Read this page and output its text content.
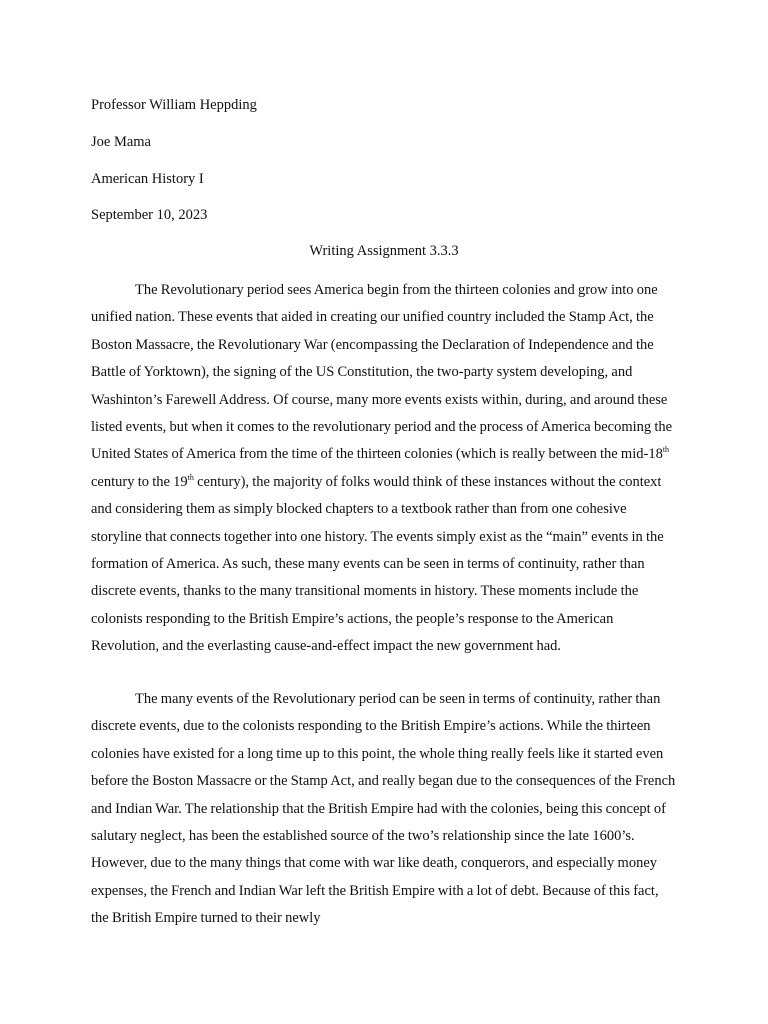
Professor William Heppding
Joe Mama
American History I
September 10, 2023
Writing Assignment 3.3.3

The Revolutionary period sees America begin from the thirteen colonies and grow into one unified nation. These events that aided in creating our unified country included the Stamp Act, the Boston Massacre, the Revolutionary War (encompassing the Declaration of Independence and the Battle of Yorktown), the signing of the US Constitution, the two-party system developing, and Washinton’s Farewell Address. Of course, many more events exists within, during, and around these listed events, but when it comes to the revolutionary period and the process of America becoming the United States of America from the time of the thirteen colonies (which is really between the mid-18th century to the 19th century), the majority of folks would think of these instances without the context and considering them as simply blocked chapters to a textbook rather than from one cohesive storyline that connects together into one history. The events simply exist as the “main” events in the formation of America. As such, these many events can be seen in terms of continuity, rather than discrete events, thanks to the many transitional moments in history. These moments include the colonists responding to the British Empire’s actions, the people’s response to the American Revolution, and the everlasting cause-and-effect impact the new government had.

The many events of the Revolutionary period can be seen in terms of continuity, rather than discrete events, due to the colonists responding to the British Empire’s actions. While the thirteen colonies have existed for a long time up to this point, the whole thing really feels like it started even before the Boston Massacre or the Stamp Act, and really began due to the consequences of the French and Indian War. The relationship that the British Empire had with the colonies, being this concept of salutary neglect, has been the established source of the two’s relationship since the late 1600’s. However, due to the many things that come with war like death, conquerors, and especially money expenses, the French and Indian War left the British Empire with a lot of debt. Because of this fact, the British Empire turned to their newly
